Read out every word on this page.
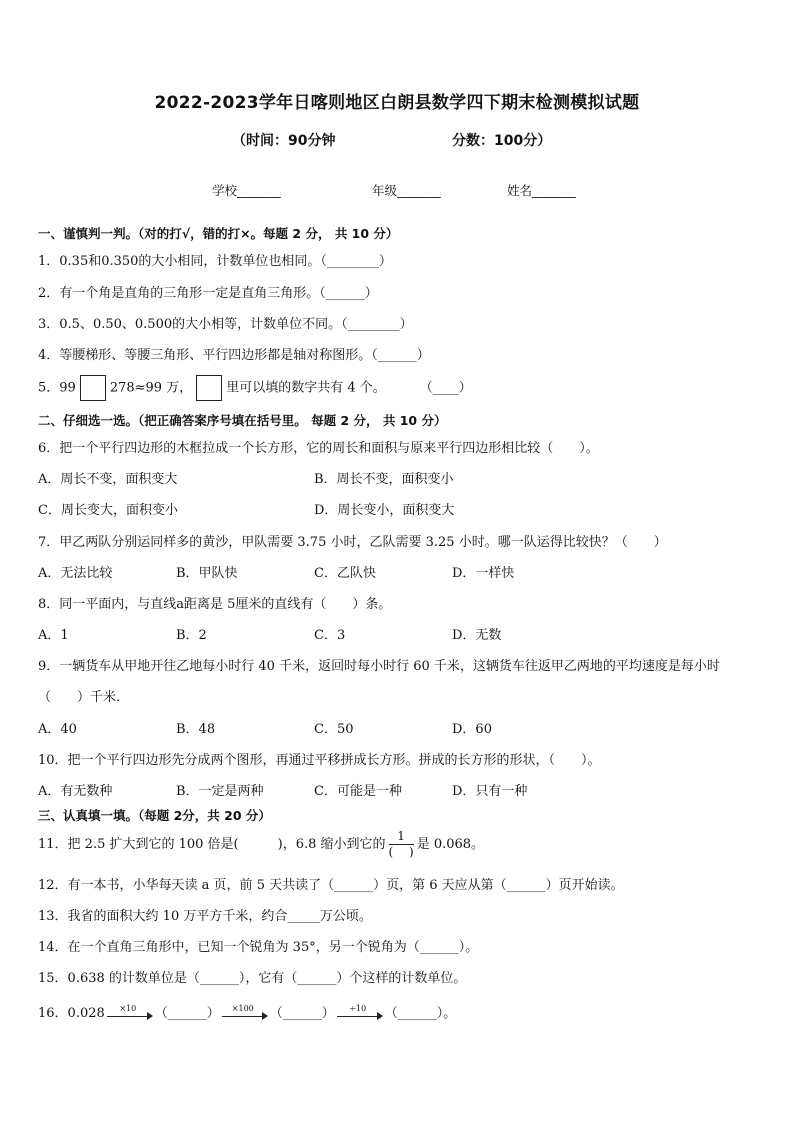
2022-2023学年日喀则地区白朗县数学四下期末检测模拟试题
（时间：90分钟	分数：100分）
学校_______	年级_______	姓名_______
一、谨慎判一判。（对的打√，错的打×。每题 2 分， 共 10 分）
1．0.35和0.350的大小相同，计数单位也相同。（________）
2．有一个角是直角的三角形一定是直角三角形。（______）
3．0.5、0.50、0.500的大小相等，计数单位不同。（________）
4．等腰梯形、等腰三角形、平行四边形都是轴对称图形。（______）
5．99	278≈99 万，	里可以填的数字共有 4 个。	（____）
二、仔细选一选。（把正确答案序号填在括号里。 每题 2 分， 共 10 分）
6．把一个平行四边形的木框拉成一个长方形，它的周长和面积与原来平行四边形相比较（　　）。
A．周长不变，面积变大	B．周长不变，面积变小
C．周长变大，面积变小	D．周长变小，面积变大
7．甲乙两队分别运同样多的黄沙，甲队需要 3.75 小时，乙队需要 3.25 小时。哪一队运得比较快？（　　）
A．无法比较	B．甲队快	C．乙队快	D．一样快
8．同一平面内，与直线a距离是 5厘米的直线有（　　）条。
A．1	B．2	C．3	D．无数
9．一辆货车从甲地开往乙地每小时行 40 千米，返回时每小时行 60 千米，这辆货车往返甲乙两地的平均速度是每小时
（　　）千米．
A．40	B．48	C．50	D．60
10．把一个平行四边形先分成两个图形，再通过平移拼成长方形。拼成的长方形的形状，（　　）。
A．有无数种	B．一定是两种	C．可能是一种	D．只有一种
三、认真填一填。（每题 2分，共 20 分）
11．把 2.5 扩大到它的 100 倍是(　　　)，6.8 缩小到它的 $\frac{1}{( )}$ 是 0.068。
12．有一本书，小华每天读 a 页，前 5 天共读了（______）页，第 6 天应从第（______）页开始读。
13．我省的面积大约 10 万平方千米，约合_____万公顷。
14．在一个直角三角形中，已知一个锐角为 35°，另一个锐角为（______）。
15．0.638 的计数单位是（______），它有（______）个这样的计数单位。
16．0.028	×10	（______）	×100	（______）	÷10	（______）。
